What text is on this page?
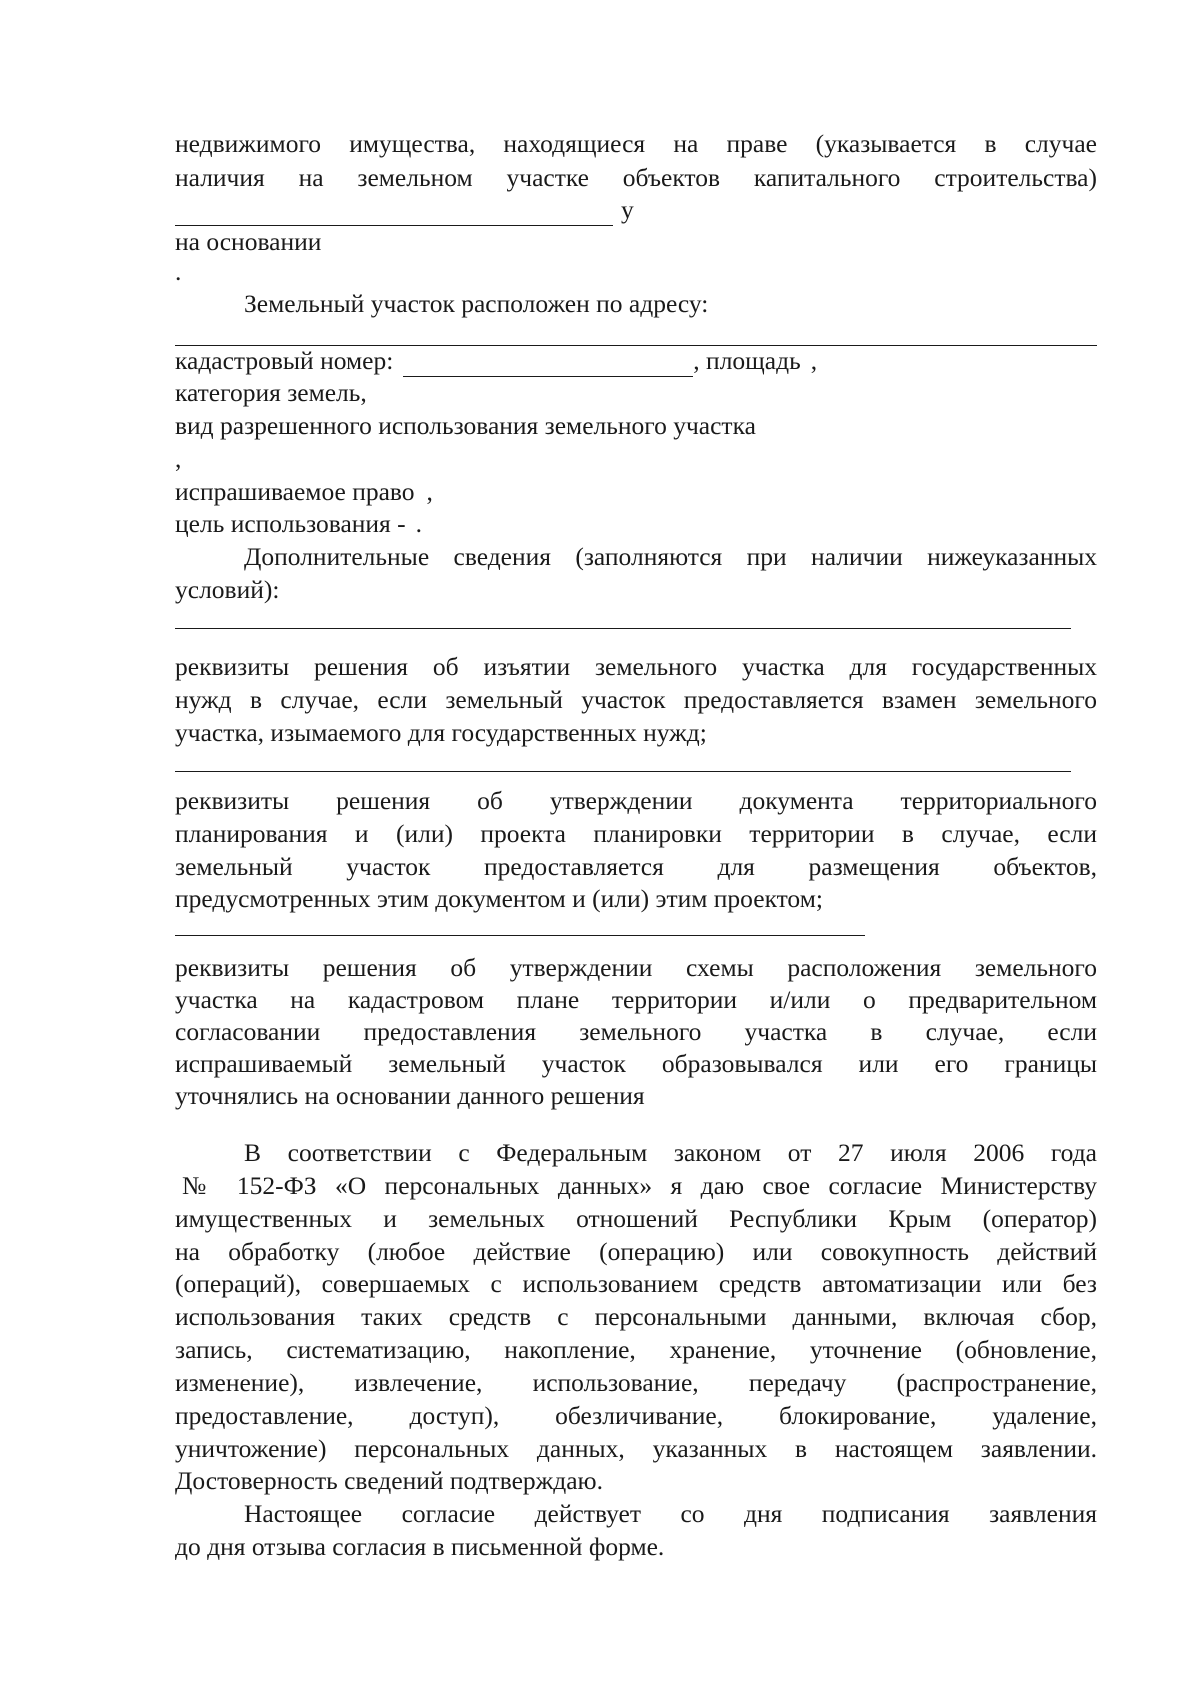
недвижимого имущества, находящиеся на праве (указывается в случае
наличия на земельном участке объектов капитального строительства)
у
на основании
.
Земельный участок расположен по адресу:
кадастровый номер:	, площадь ,
категория земель ,
вид разрешенного использования земельного участка
,
испрашиваемое право ,
цель использования - .
Дополнительные сведения (заполняются при наличии нижеуказанных
условий):
реквизиты решения об изъятии земельного участка для государственных
нужд в случае, если земельный участок предоставляется взамен земельного
участка, изымаемого для государственных нужд;
реквизиты решения об утверждении документа территориального
планирования и (или) проекта планировки территории в случае, если
земельный участок предоставляется для размещения объектов,
предусмотренных этим документом и (или) этим проектом;
реквизиты решения об утверждении схемы расположения земельного
участка на кадастровом плане территории и/или о предварительном
согласовании предоставления земельного участка в случае, если
испрашиваемый земельный участок образовывался или его границы
уточнялись на основании данного решения
В соответствии с Федеральным законом от 27 июля 2006 года
№ 152-ФЗ «О персональных данных» я даю свое согласие Министерству
имущественных и земельных отношений Республики Крым (оператор)
на обработку (любое действие (операцию) или совокупность действий
(операций), совершаемых с использованием средств автоматизации или без
использования таких средств с персональными данными, включая сбор,
запись, систематизацию, накопление, хранение, уточнение (обновление,
изменение), извлечение, использование, передачу (распространение,
предоставление, доступ), обезличивание, блокирование, удаление,
уничтожение) персональных данных, указанных в настоящем заявлении.
Достоверность сведений подтверждаю.
Настоящее согласие действует со дня подписания заявления
до дня отзыва согласия в письменной форме.
